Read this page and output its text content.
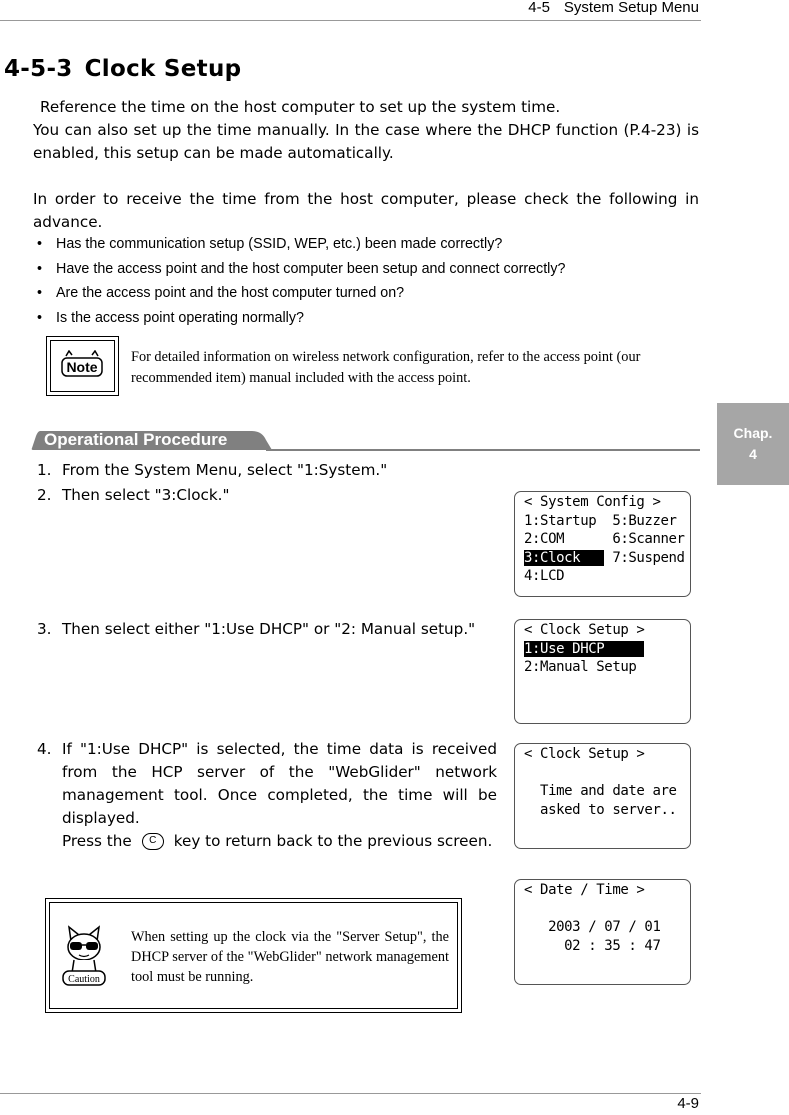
4-5 System Setup Menu
4-5-3 Clock Setup
Reference the time on the host computer to set up the system time.
You can also set up the time manually. In the case where the DHCP function (P.4-23) is enabled, this setup can be made automatically.
In order to receive the time from the host computer, please check the following in advance.
• Has the communication setup (SSID, WEP, etc.) been made correctly?
• Have the access point and the host computer been setup and connect correctly?
• Are the access point and the host computer turned on?
• Is the access point operating normally?
Note
For detailed information on wireless network configuration, refer to the access point (our recommended item) manual included with the access point.
Chap.
4
Operational Procedure
1. From the System Menu, select "1:System."
2. Then select "3:Clock."	< System Config >
1:Startup  5:Buzzer
2:COM      6:Scanner
3:Clock    7:Suspend
4:LCD
3. Then select either "1:Use DHCP" or "2: Manual setup."	< Clock Setup >
1:Use DHCP
2:Manual Setup
4. If "1:Use DHCP" is selected, the time data is received from the HCP server of the "WebGlider" network management tool. Once completed, the time will be displayed.
Press the C key to return back to the previous screen.
< Clock Setup >
Time and date are
asked to server..
< Date / Time >
2003 / 07 / 01
02 : 35 : 47
Caution
When setting up the clock via the "Server Setup", the DHCP server of the "WebGlider" network management tool must be running.
4-9
